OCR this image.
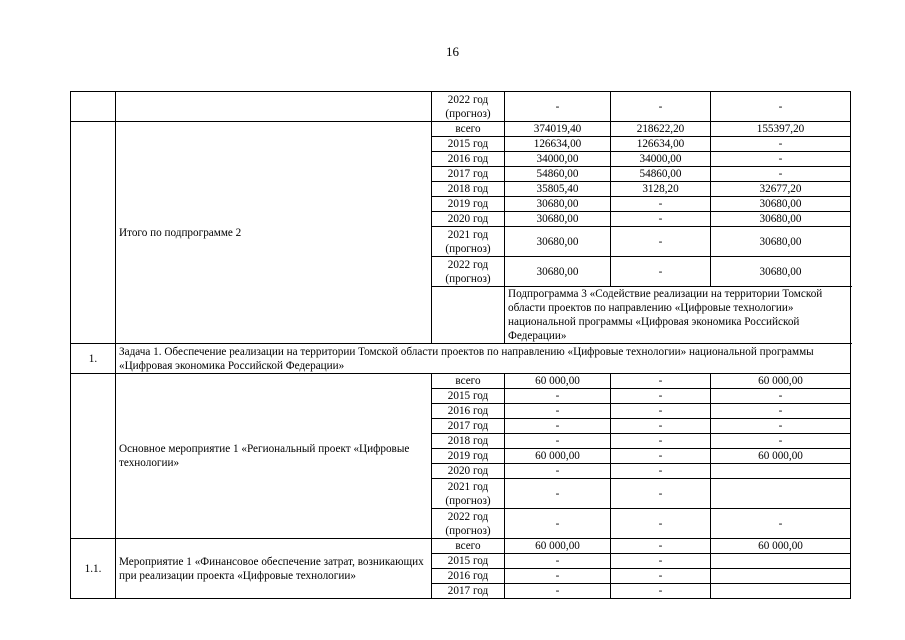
16
		2022 год (прогноз)	-	-	-
	Итого по подпрограмме 2	всего	374019,40	218622,20	155397,20
		2015 год	126634,00	126634,00	-
		2016 год	34000,00	34000,00	-
		2017 год	54860,00	54860,00	-
		2018 год	35805,40	3128,20	32677,20
		2019 год	30680,00	-	30680,00
		2020 год	30680,00	-	30680,00
		2021 год (прогноз)	30680,00	-	30680,00
		2022 год (прогноз)	30680,00	-	30680,00
			Подпрограмма 3 «Содействие реализации на территории Томской области проектов по направлению «Цифровые технологии» национальной программы «Цифровая экономика Российской Федерации»		
1.	Задача 1. Обеспечение реализации на территории Томской области проектов по направлению «Цифровые технологии» национальной программы «Цифровая экономика Российской Федерации»				
	Основное мероприятие 1 «Региональный проект «Цифровые технологии»	всего	60 000,00	-	60 000,00
		2015 год	-	-	-
		2016 год	-	-	-
		2017 год	-	-	-
		2018 год	-	-	-
		2019 год	60 000,00	-	60 000,00
		2020 год	-	-	
		2021 год (прогноз)	-	-	
		2022 год (прогноз)	-	-	-
1.1.	Мероприятие 1 «Финансовое обеспечение затрат, возникающих при реализации проекта «Цифровые технологии»	всего	60 000,00	-	60 000,00
		2015 год	-	-	
		2016 год	-	-	
		2017 год	-	-	
